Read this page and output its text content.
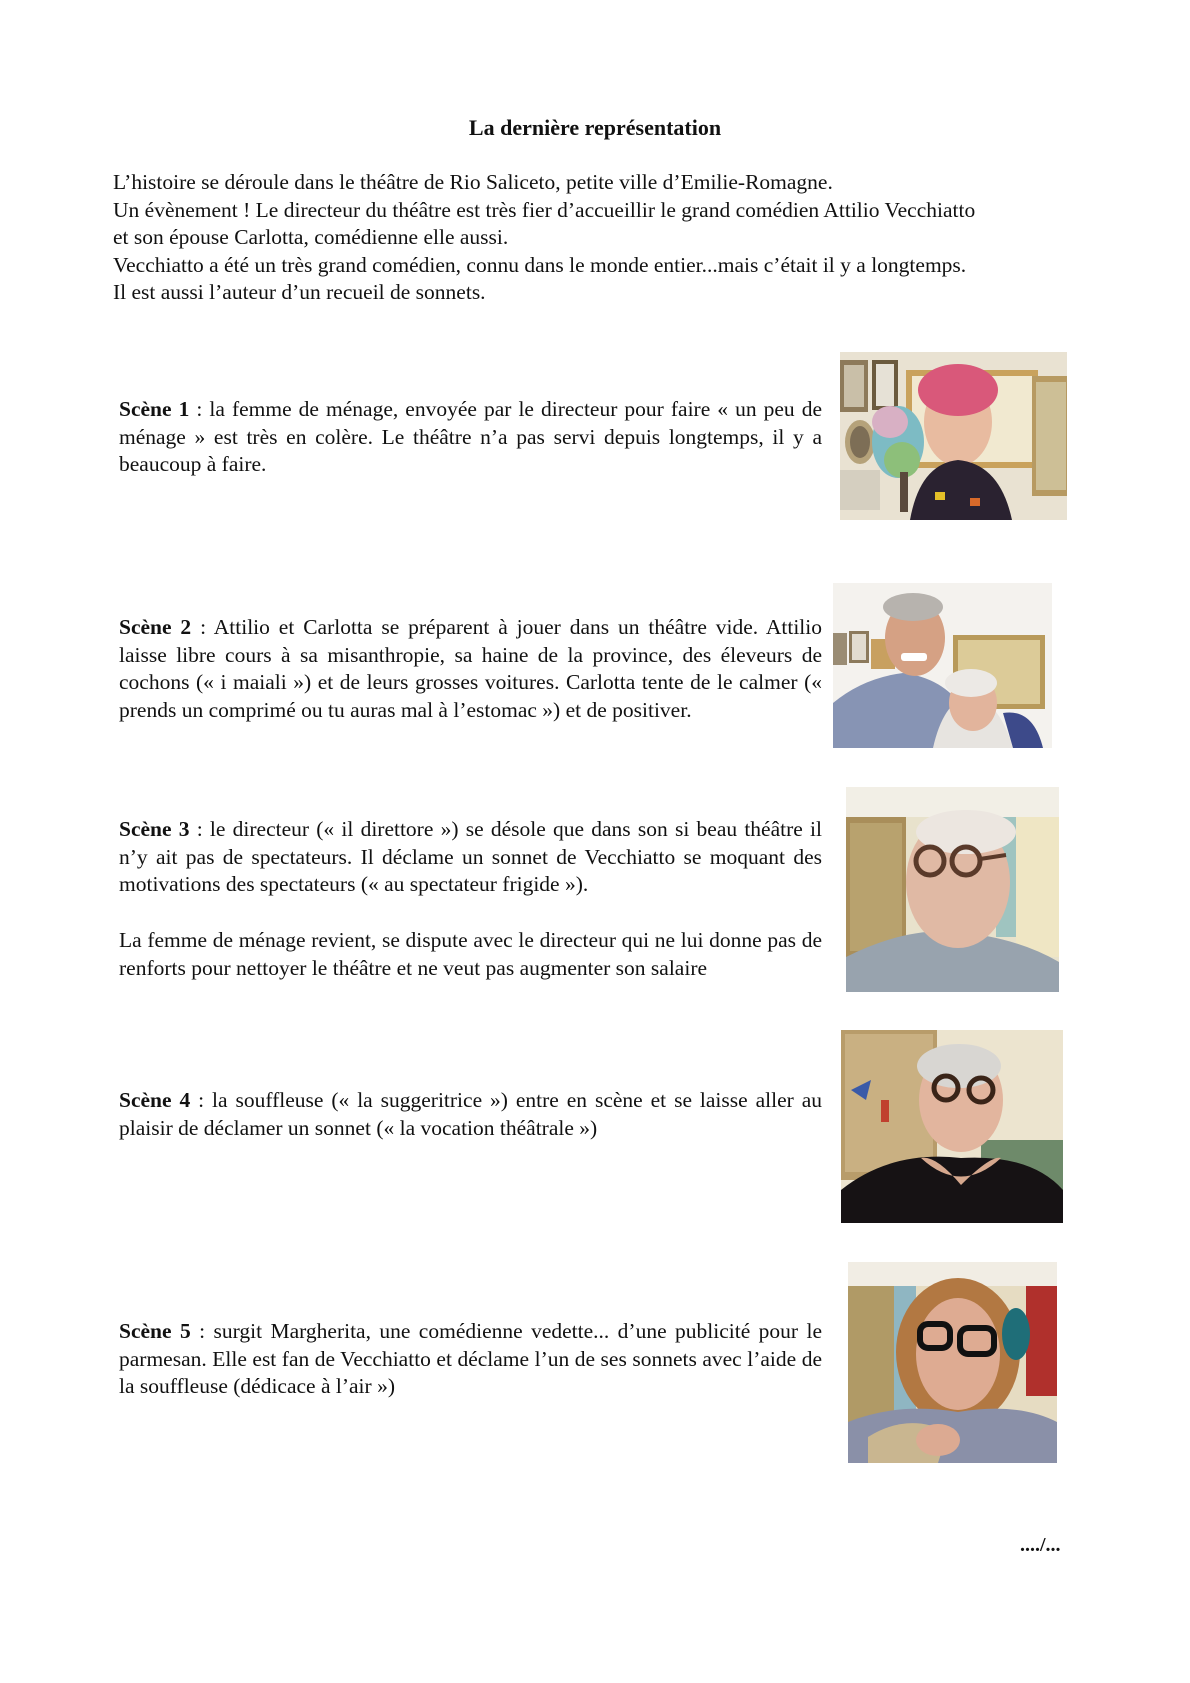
La dernière représentation

L’histoire se déroule dans le théâtre de Rio Saliceto, petite ville d’Emilie-Romagne.

Un évènement ! Le directeur du théâtre est très fier d’accueillir le grand comédien Attilio Vecchiatto

et son épouse Carlotta, comédienne elle aussi.

Vecchiatto a été un très grand comédien, connu dans le monde entier...mais c’était il y a longtemps.

Il est aussi l’auteur d’un recueil de sonnets.

Scène 1 : la femme de ménage, envoyée par le directeur pour faire « un peu de ménage » est très en colère. Le théâtre n’a pas servi depuis longtemps, il y a beaucoup à faire.

Scène 2 : Attilio et Carlotta se préparent à jouer dans un théâtre vide. Attilio laisse libre cours à sa misanthropie, sa haine de la province, des éleveurs de cochons (« i maiali ») et de leurs grosses voitures. Carlotta tente de le calmer (« prends un comprimé ou tu auras mal à l’estomac ») et de positiver.

Scène 3 : le directeur (« il direttore ») se désole que dans son si beau théâtre il n’y ait pas de spectateurs. Il déclame un sonnet de Vecchiatto se moquant des motivations des spectateurs (« au spectateur frigide »).

La femme de ménage revient, se dispute avec le directeur qui ne lui donne pas de renforts pour nettoyer le théâtre et ne veut pas augmenter son salaire

Scène 4 : la souffleuse (« la suggeritrice ») entre en scène et se laisse aller au plaisir de déclamer un sonnet (« la vocation théâtrale »)

Scène 5 : surgit Margherita, une comédienne vedette... d’une publicité pour le parmesan. Elle est fan de Vecchiatto et déclame l’un de ses sonnets avec l’aide de la souffleuse (dédicace à l’air »)

..../...
